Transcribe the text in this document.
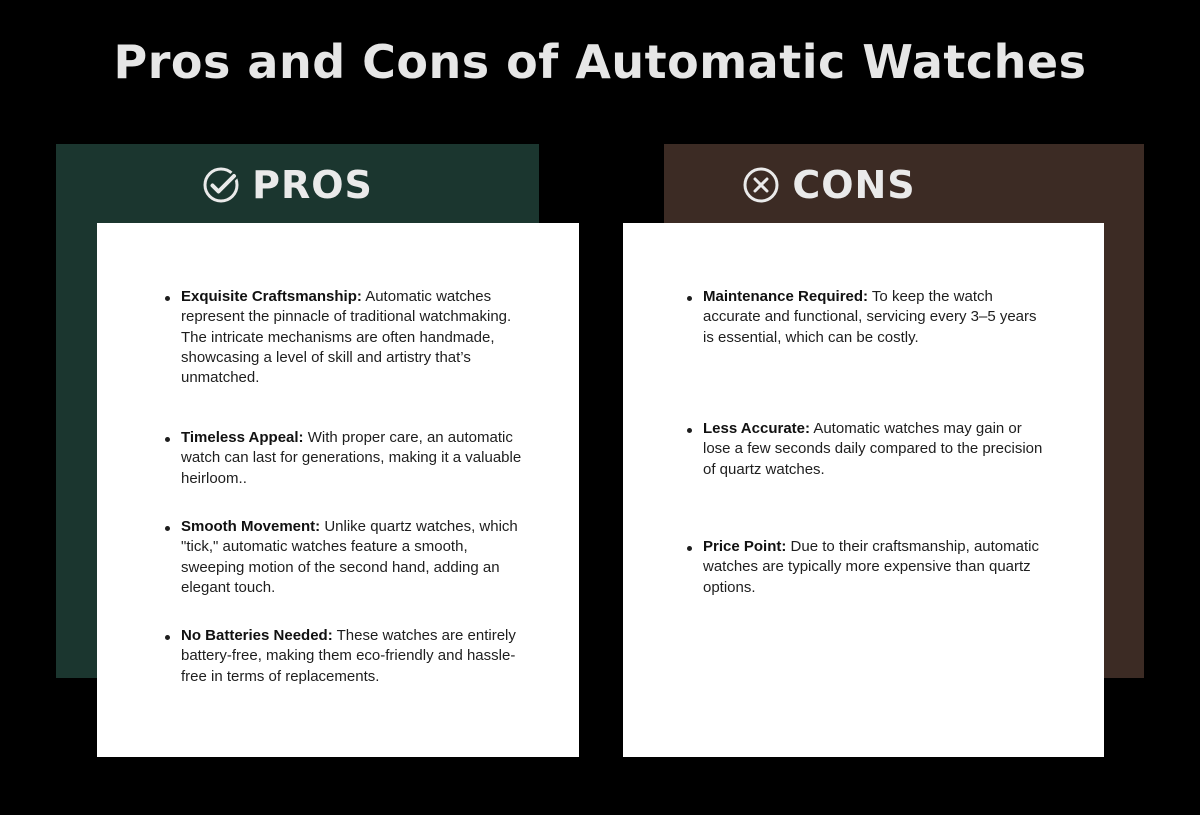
Pros and Cons of Automatic Watches
PROS	CONS
Exquisite Craftsmanship: Automatic watches represent the pinnacle of traditional watchmaking. The intricate mechanisms are often handmade, showcasing a level of skill and artistry that’s unmatched.
Timeless Appeal: With proper care, an automatic watch can last for generations, making it a valuable heirloom..
Smooth Movement: Unlike quartz watches, which "tick," automatic watches feature a smooth, sweeping motion of the second hand, adding an elegant touch.
No Batteries Needed: These watches are entirely battery-free, making them eco-friendly and hassle-free in terms of replacements.
Maintenance Required: To keep the watch accurate and functional, servicing every 3–5 years is essential, which can be costly.
Less Accurate: Automatic watches may gain or lose a few seconds daily compared to the precision of quartz watches.
Price Point: Due to their craftsmanship, automatic watches are typically more expensive than quartz options.
